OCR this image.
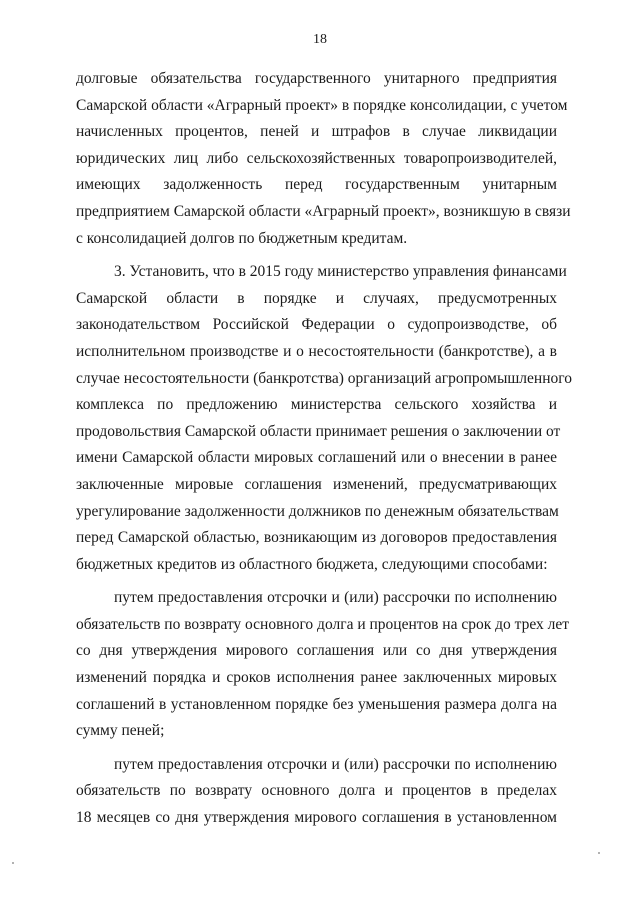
18
долговые обязательства государственного унитарного предприятия
Самарской области «Аграрный проект» в порядке консолидации, с учетом
начисленных процентов, пеней и штрафов в случае ликвидации
юридических лиц либо сельскохозяйственных товаропроизводителей,
имеющих задолженность перед государственным унитарным
предприятием Самарской области «Аграрный проект», возникшую в связи
с консолидацией долгов по бюджетным кредитам.
3. Установить, что в 2015 году министерство управления финансами
Самарской области в порядке и случаях, предусмотренных
законодательством Российской Федерации о судопроизводстве, об
исполнительном производстве и о несостоятельности (банкротстве), а в
случае несостоятельности (банкротства) организаций агропромышленного
комплекса по предложению министерства сельского хозяйства и
продовольствия Самарской области принимает решения о заключении от
имени Самарской области мировых соглашений или о внесении в ранее
заключенные мировые соглашения изменений, предусматривающих
урегулирование задолженности должников по денежным обязательствам
перед Самарской областью, возникающим из договоров предоставления
бюджетных кредитов из областного бюджета, следующими способами:
путем предоставления отсрочки и (или) рассрочки по исполнению
обязательств по возврату основного долга и процентов на срок до трех лет
со дня утверждения мирового соглашения или со дня утверждения
изменений порядка и сроков исполнения ранее заключенных мировых
соглашений в установленном порядке без уменьшения размера долга на
сумму пеней;
путем предоставления отсрочки и (или) рассрочки по исполнению
обязательств по возврату основного долга и процентов в пределах
18 месяцев со дня утверждения мирового соглашения в установленном
